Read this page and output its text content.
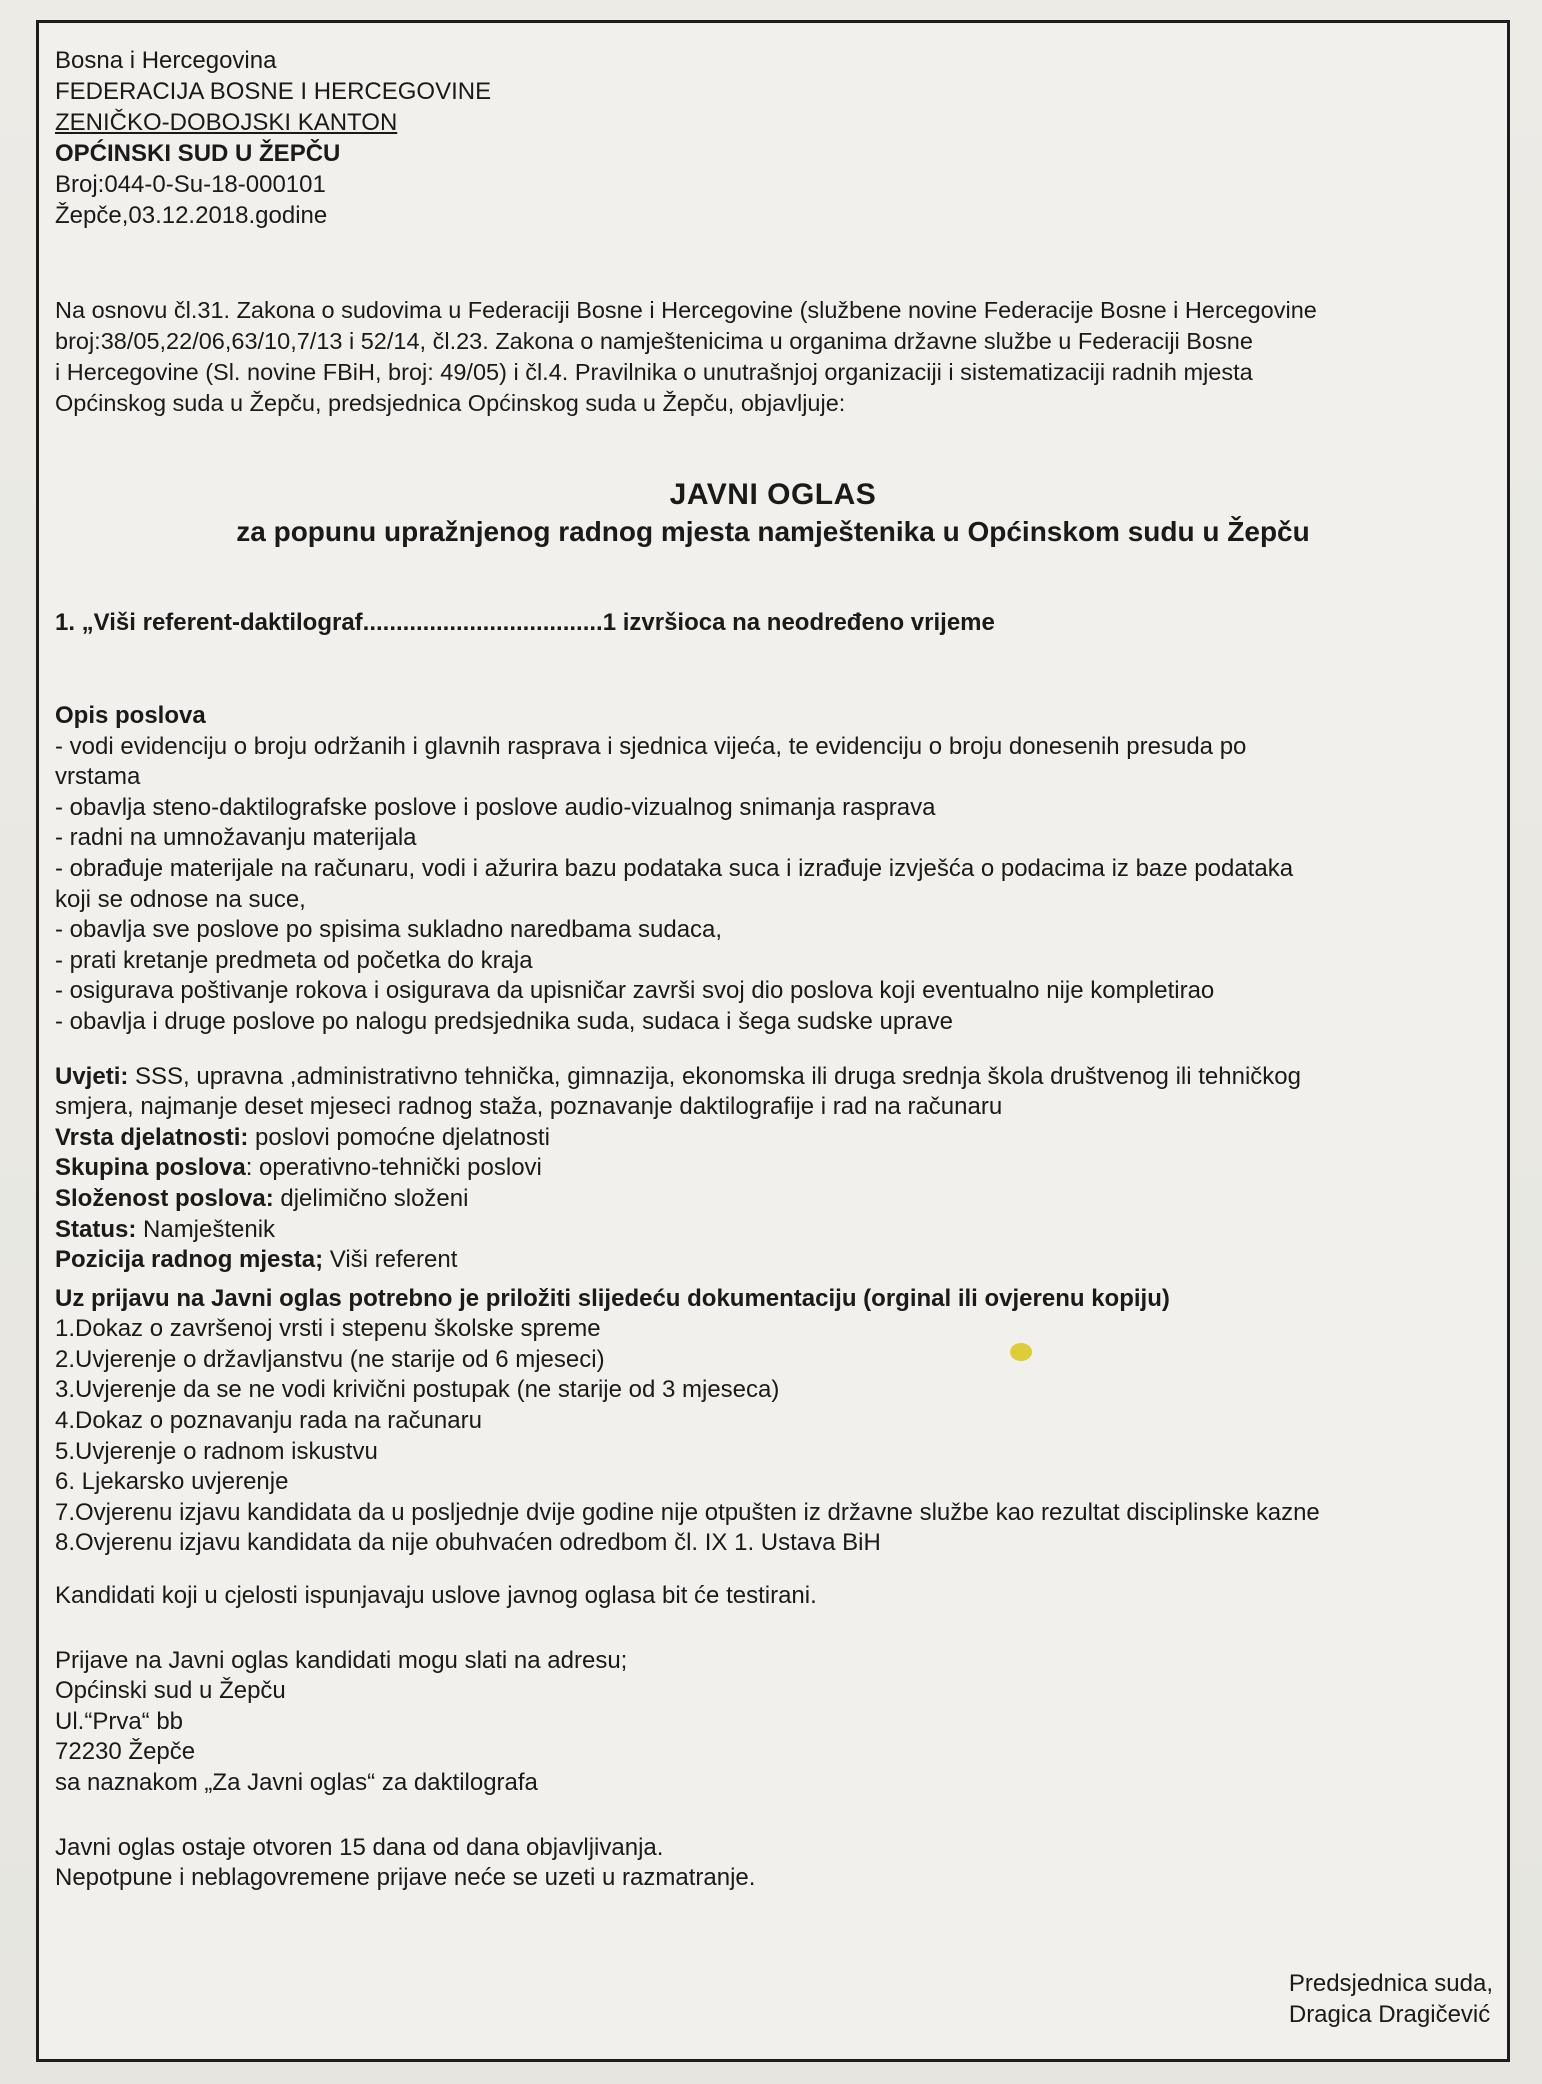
Bosna i Hercegovina
FEDERACIJA BOSNE I HERCEGOVINE
ZENIČKO-DOBOJSKI KANTON
OPĆINSKI SUD U ŽEPČU
Broj:044-0-Su-18-000101
Žepče,03.12.2018.godine
Na osnovu čl.31. Zakona o sudovima u Federaciji Bosne i Hercegovine (službene novine Federacije Bosne i Hercegovine
broj:38/05,22/06,63/10,7/13 i 52/14, čl.23. Zakona o namještenicima u organima državne službe u Federaciji Bosne
i Hercegovine (Sl. novine FBiH, broj: 49/05) i čl.4. Pravilnika o unutrašnjoj organizaciji i sistematizaciji radnih mjesta
Općinskog suda u Žepču, predsjednica Općinskog suda u Žepču, objavljuje:
JAVNI OGLAS
za popunu upražnjenog radnog mjesta namještenika u Općinskom sudu u Žepču
1. „Viši referent-daktilograf....................................1 izvršioca na neodređeno vrijeme
Opis poslova
- vodi evidenciju o broju održanih i glavnih rasprava i sjednica vijeća, te evidenciju o broju donesenih presuda po
vrstama
- obavlja steno-daktilografske poslove i poslove audio-vizualnog snimanja rasprava
- radni na umnožavanju materijala
- obrađuje materijale na računaru, vodi i ažurira bazu podataka suca i izrađuje izvješća o podacima iz baze podataka
koji se odnose na suce,
- obavlja sve poslove po spisima sukladno naredbama sudaca,
- prati kretanje predmeta od početka do kraja
- osigurava poštivanje rokova i osigurava da upisničar završi svoj dio poslova koji eventualno nije kompletirao
- obavlja i druge poslove po nalogu predsjednika suda, sudaca i šega sudske uprave
Uvjeti: SSS, upravna ,administrativno tehnička, gimnazija, ekonomska ili druga srednja škola društvenog ili tehničkog
smjera, najmanje deset mjeseci radnog staža, poznavanje daktilografije i rad na računaru
Vrsta djelatnosti: poslovi pomoćne djelatnosti
Skupina poslova: operativno-tehnički poslovi
Složenost poslova: djelimično složeni
Status: Namještenik
Pozicija radnog mjesta; Viši referent
Uz prijavu na Javni oglas potrebno je priložiti slijedeću dokumentaciju (orginal ili ovjerenu kopiju)
1.Dokaz o završenoj vrsti i stepenu školske spreme
2.Uvjerenje o državljanstvu (ne starije od 6 mjeseci)
3.Uvjerenje da se ne vodi krivični postupak (ne starije od 3 mjeseca)
4.Dokaz o poznavanju rada na računaru
5.Uvjerenje o radnom iskustvu
6. Ljekarsko uvjerenje
7.Ovjerenu izjavu kandidata da u posljednje dvije godine nije otpušten iz državne službe kao rezultat disciplinske kazne
8.Ovjerenu izjavu kandidata da nije obuhvaćen odredbom čl. IX 1. Ustava BiH
Kandidati koji u cjelosti ispunjavaju uslove javnog oglasa bit će testirani.
Prijave na Javni oglas kandidati mogu slati na adresu;
Općinski sud u Žepču
Ul.“Prva“ bb
72230 Žepče
sa naznakom „Za Javni oglas“ za daktilografa
Javni oglas ostaje otvoren 15 dana od dana objavljivanja.
Nepotpune i neblagovremene prijave neće se uzeti u razmatranje.
Predsjednica suda,
Dragica Dragičević
